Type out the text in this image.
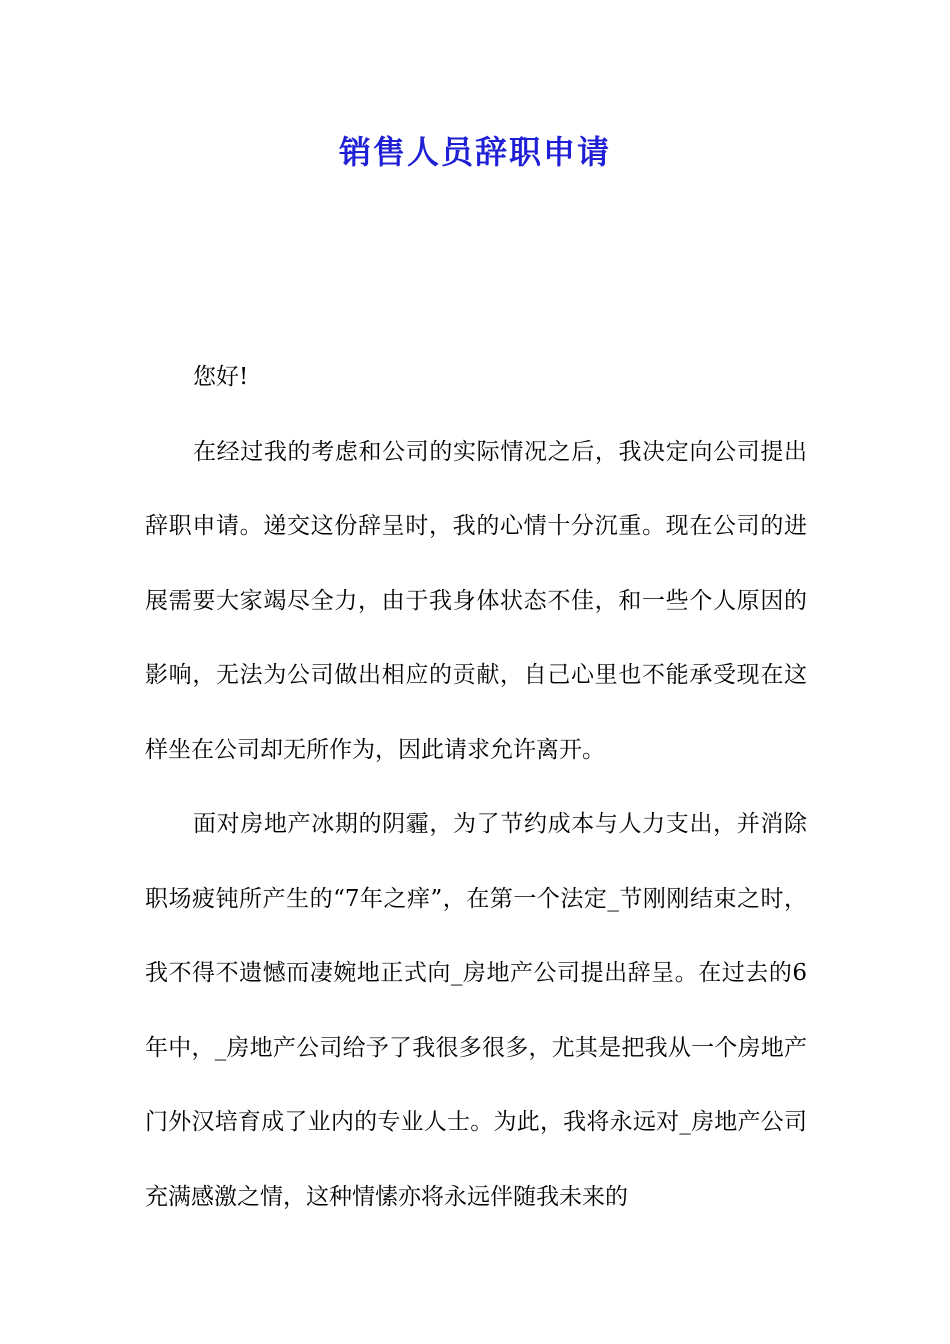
销售人员辞职申请

您好!

在经过我的考虑和公司的实际情况之后，我决定向公司提出辞职申请。递交这份辞呈时，我的心情十分沉重。现在公司的进展需要大家竭尽全力，由于我身体状态不佳，和一些个人原因的影响，无法为公司做出相应的贡献，自己心里也不能承受现在这样坐在公司却无所作为，因此请求允许离开。

面对房地产冰期的阴霾，为了节约成本与人力支出，并消除职场疲钝所产生的“7年之痒”，在第一个法定_节刚刚结束之时，我不得不遗憾而凄婉地正式向_房地产公司提出辞呈。在过去的6年中，_房地产公司给予了我很多很多，尤其是把我从一个房地产门外汉培育成了业内的专业人士。为此，我将永远对_房地产公司充满感激之情，这种情愫亦将永远伴随我未来的
